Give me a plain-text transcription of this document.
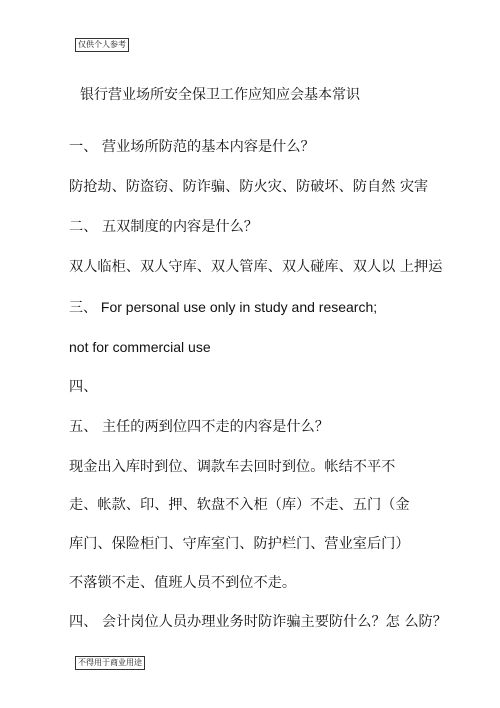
仅供个人参考
银行营业场所安全保卫工作应知应会基本常识
一、 营业场所防范的基本内容是什么？
防抢劫、防盗窃、防诈骗、防火灾、防破坏、防自然 灾害
二、 五双制度的内容是什么？
双人临柜、双人守库、双人管库、双人碰库、双人以 上押运
三、 For personal use only in study and research;
not for commercial use
四、
五、 主任的两到位四不走的内容是什么？
现金出入库时到位、调款车去回时到位。帐结不平不
走、帐款、印、押、软盘不入柜（库）不走、五门（金
库门、保险柜门、守库室门、防护栏门、营业室后门）
不落锁不走、值班人员不到位不走。
四、 会计岗位人员办理业务时防诈骗主要防什么？怎 么防？
不得用于商业用途
